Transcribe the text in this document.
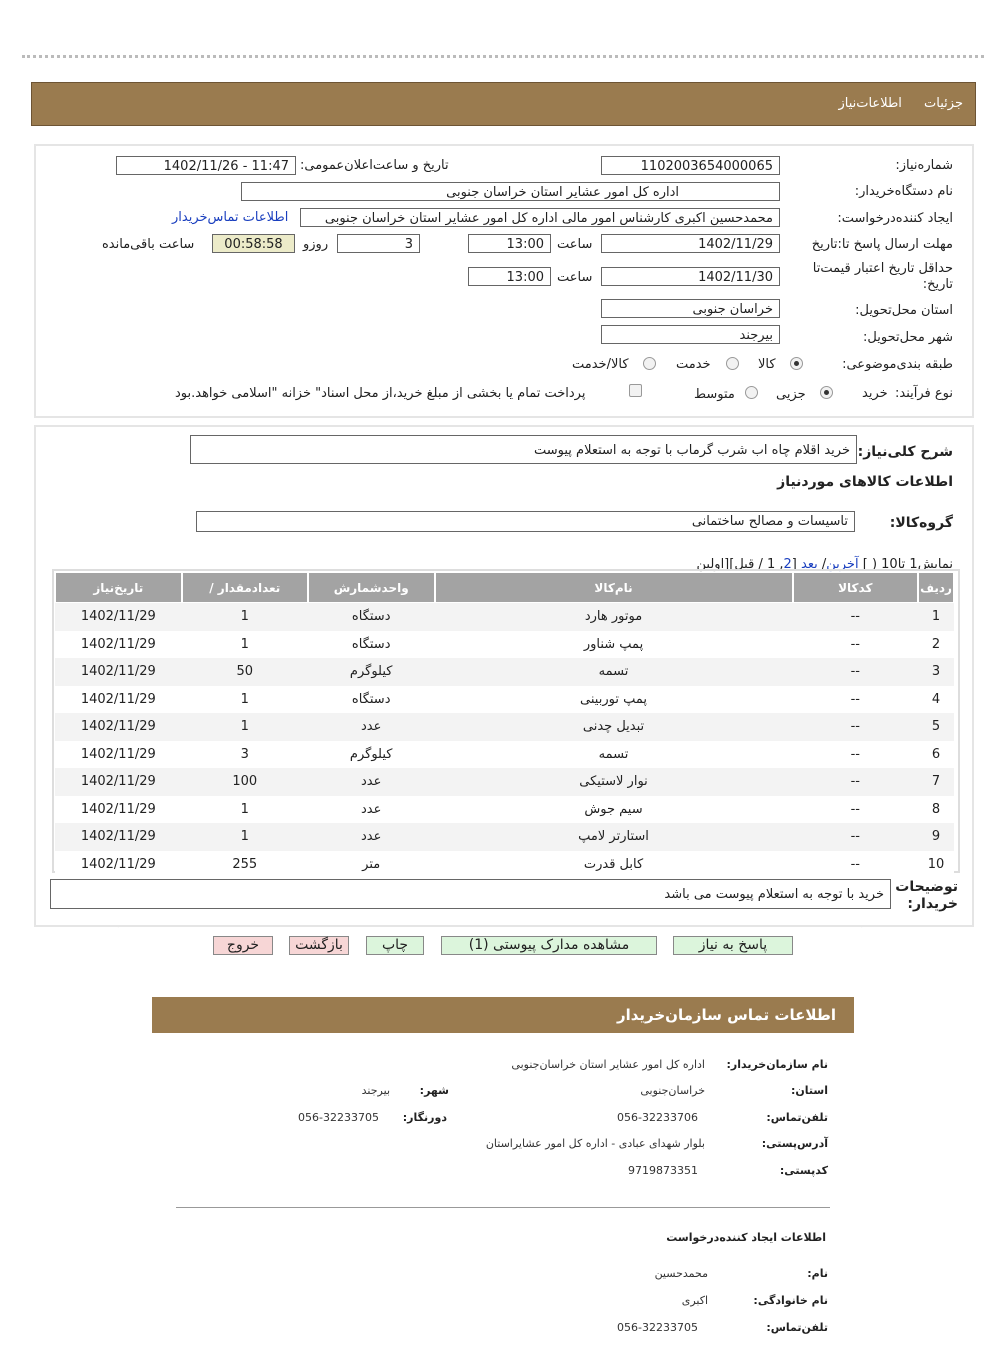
جزئیات اطلاعات‌نیاز
شماره‌نیاز:
1102003654000065
تاریخ و ساعت‌اعلان‌عمومی:
1402/11/26 - 11:47
نام دستگاه‌خریدار:
اداره کل امور عشایر استان خراسان جنوبی
ایجاد کننده‌درخواست:
محمدحسین اکبری کارشناس امور مالی اداره کل امور عشایر استان خراسان جنوبی
اطلاعات تماس‌خریدار
مهلت ارسال ‌پاسخ تا:تاریخ
1402/11/29
ساعت
13:00
3
روزو
00:58:58
ساعت باقی‌مانده
حداقل تاریخ اعتبار قیمت‌تا تاریخ:
1402/11/30
ساعت
13:00
استان محل‌تحویل:
خراسان جنوبی
شهر محل‌تحویل:
بیرجند
طبقه بندی‌موضوعی:
کالا
خدمت
کالا/خدمت
نوع فرآیند:
خرید
جزیی
متوسط
پرداخت تمام یا بخشی از مبلغ خرید،از محل اسناد" خزانه "اسلامی خواهد.بود
شرح کلی‌نیاز:
خرید اقلام چاه اب شرب گرماب با توجه به استعلام پیوست
اطلاعات کالاهای موردنیاز
گروه‌کالا:
تاسیسات و مصالح ساختمانی
نمایش1 تا10 ( ] آخرین/ بعد [2, 1 / قبل][اولین
ردیف	کدکالا	نام‌کالا	واحدشمارش	تعدادمقدار /	تاریخ‌نیاز
1	--	موتور هارد	دستگاه	1	1402/11/29
2	--	پمپ شناور	دستگاه	1	1402/11/29
3	--	تسمه	کیلوگرم	50	1402/11/29
4	--	پمپ توربینی	دستگاه	1	1402/11/29
5	--	تبدیل چدنی	عدد	1	1402/11/29
6	--	تسمه	کیلوگرم	3	1402/11/29
7	--	نوار لاستیکی	عدد	100	1402/11/29
8	--	سیم جوش	عدد	1	1402/11/29
9	--	استارتر لامپ	عدد	1	1402/11/29
10	--	کابل قدرت	متر	255	1402/11/29
توضیحات
خریدار:
خرید با توجه به استعلام پیوست می باشد
پاسخ به نیاز
مشاهده مدارک پیوستی (1)
چاپ
بازگشت
خروج
اطلاعات تماس سازمان‌خریدار
نام سازمان‌خریدار:
اداره کل امور عشایر استان خراسان‌جنوبی
استان:
خراسان‌جنوبی
شهر:
بیرجند
تلفن‌تماس:
056-32233706
دورنگار:
056-32233705
آدرس‌پستی:
بلوار شهدای عبادی - اداره کل امور عشایراستان
کدپستی:
9719873351
اطلاعات ایجاد کننده‌درخواست
نام:
محمدحسین
نام خانوادگی:
اکبری
تلفن‌تماس:
056-32233705
